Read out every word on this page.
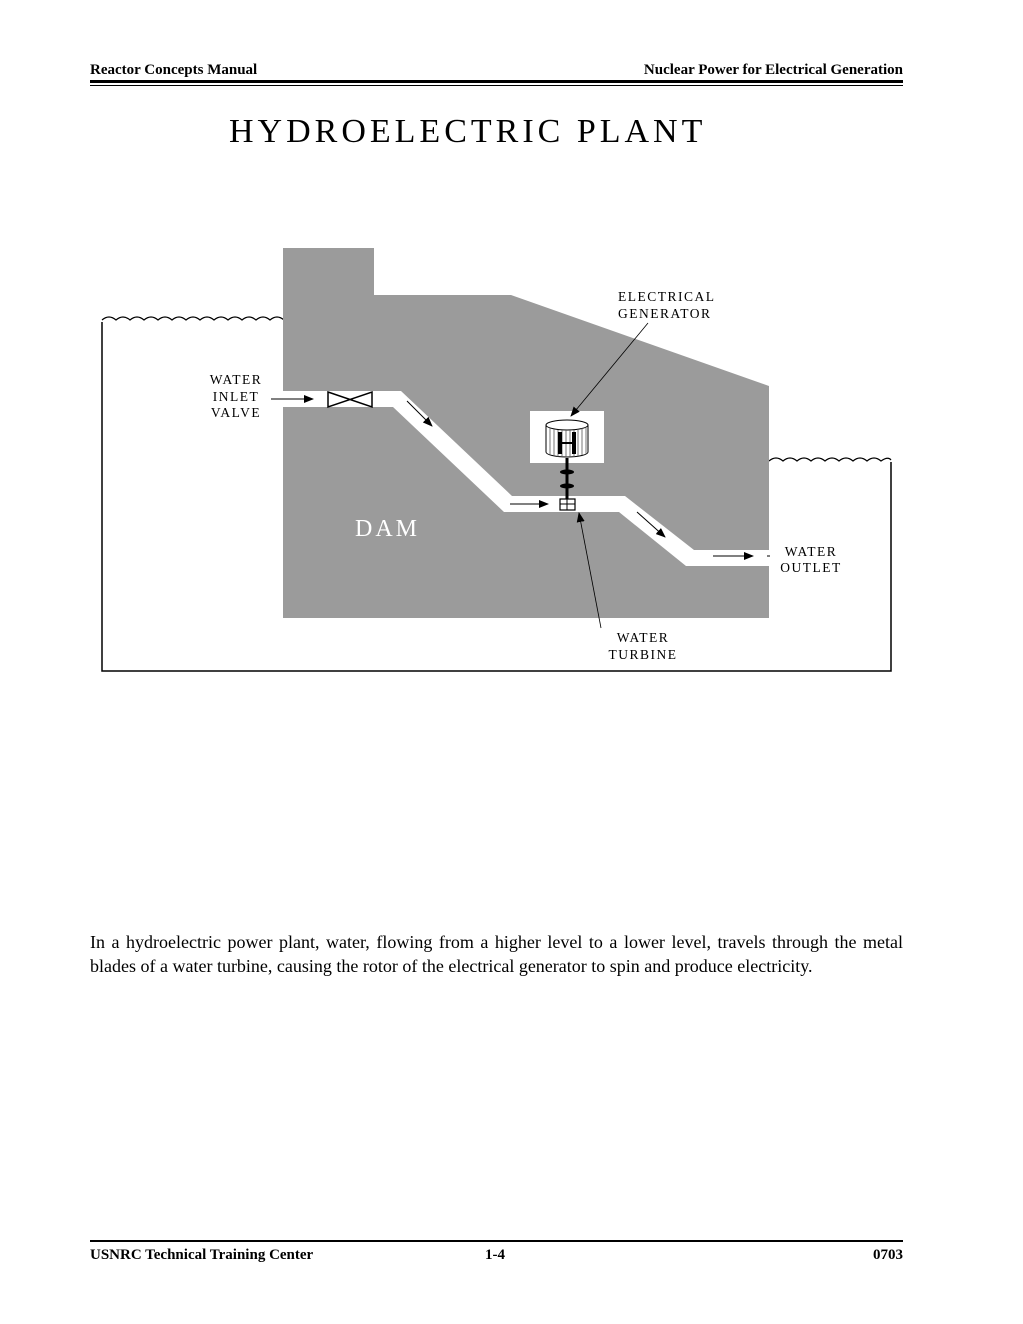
Reactor Concepts Manual	Nuclear Power for Electrical Generation
HYDROELECTRIC PLANT
ELECTRICAL
GENERATOR
WATER
INLET
VALVE
DAM
WATER
OUTLET
WATER
TURBINE

In a hydroelectric power plant, water, flowing from a higher level to a lower level, travels through the metal blades of a water turbine, causing the rotor of the electrical generator to spin and produce electricity.

USNRC Technical Training Center	1-4	0703
